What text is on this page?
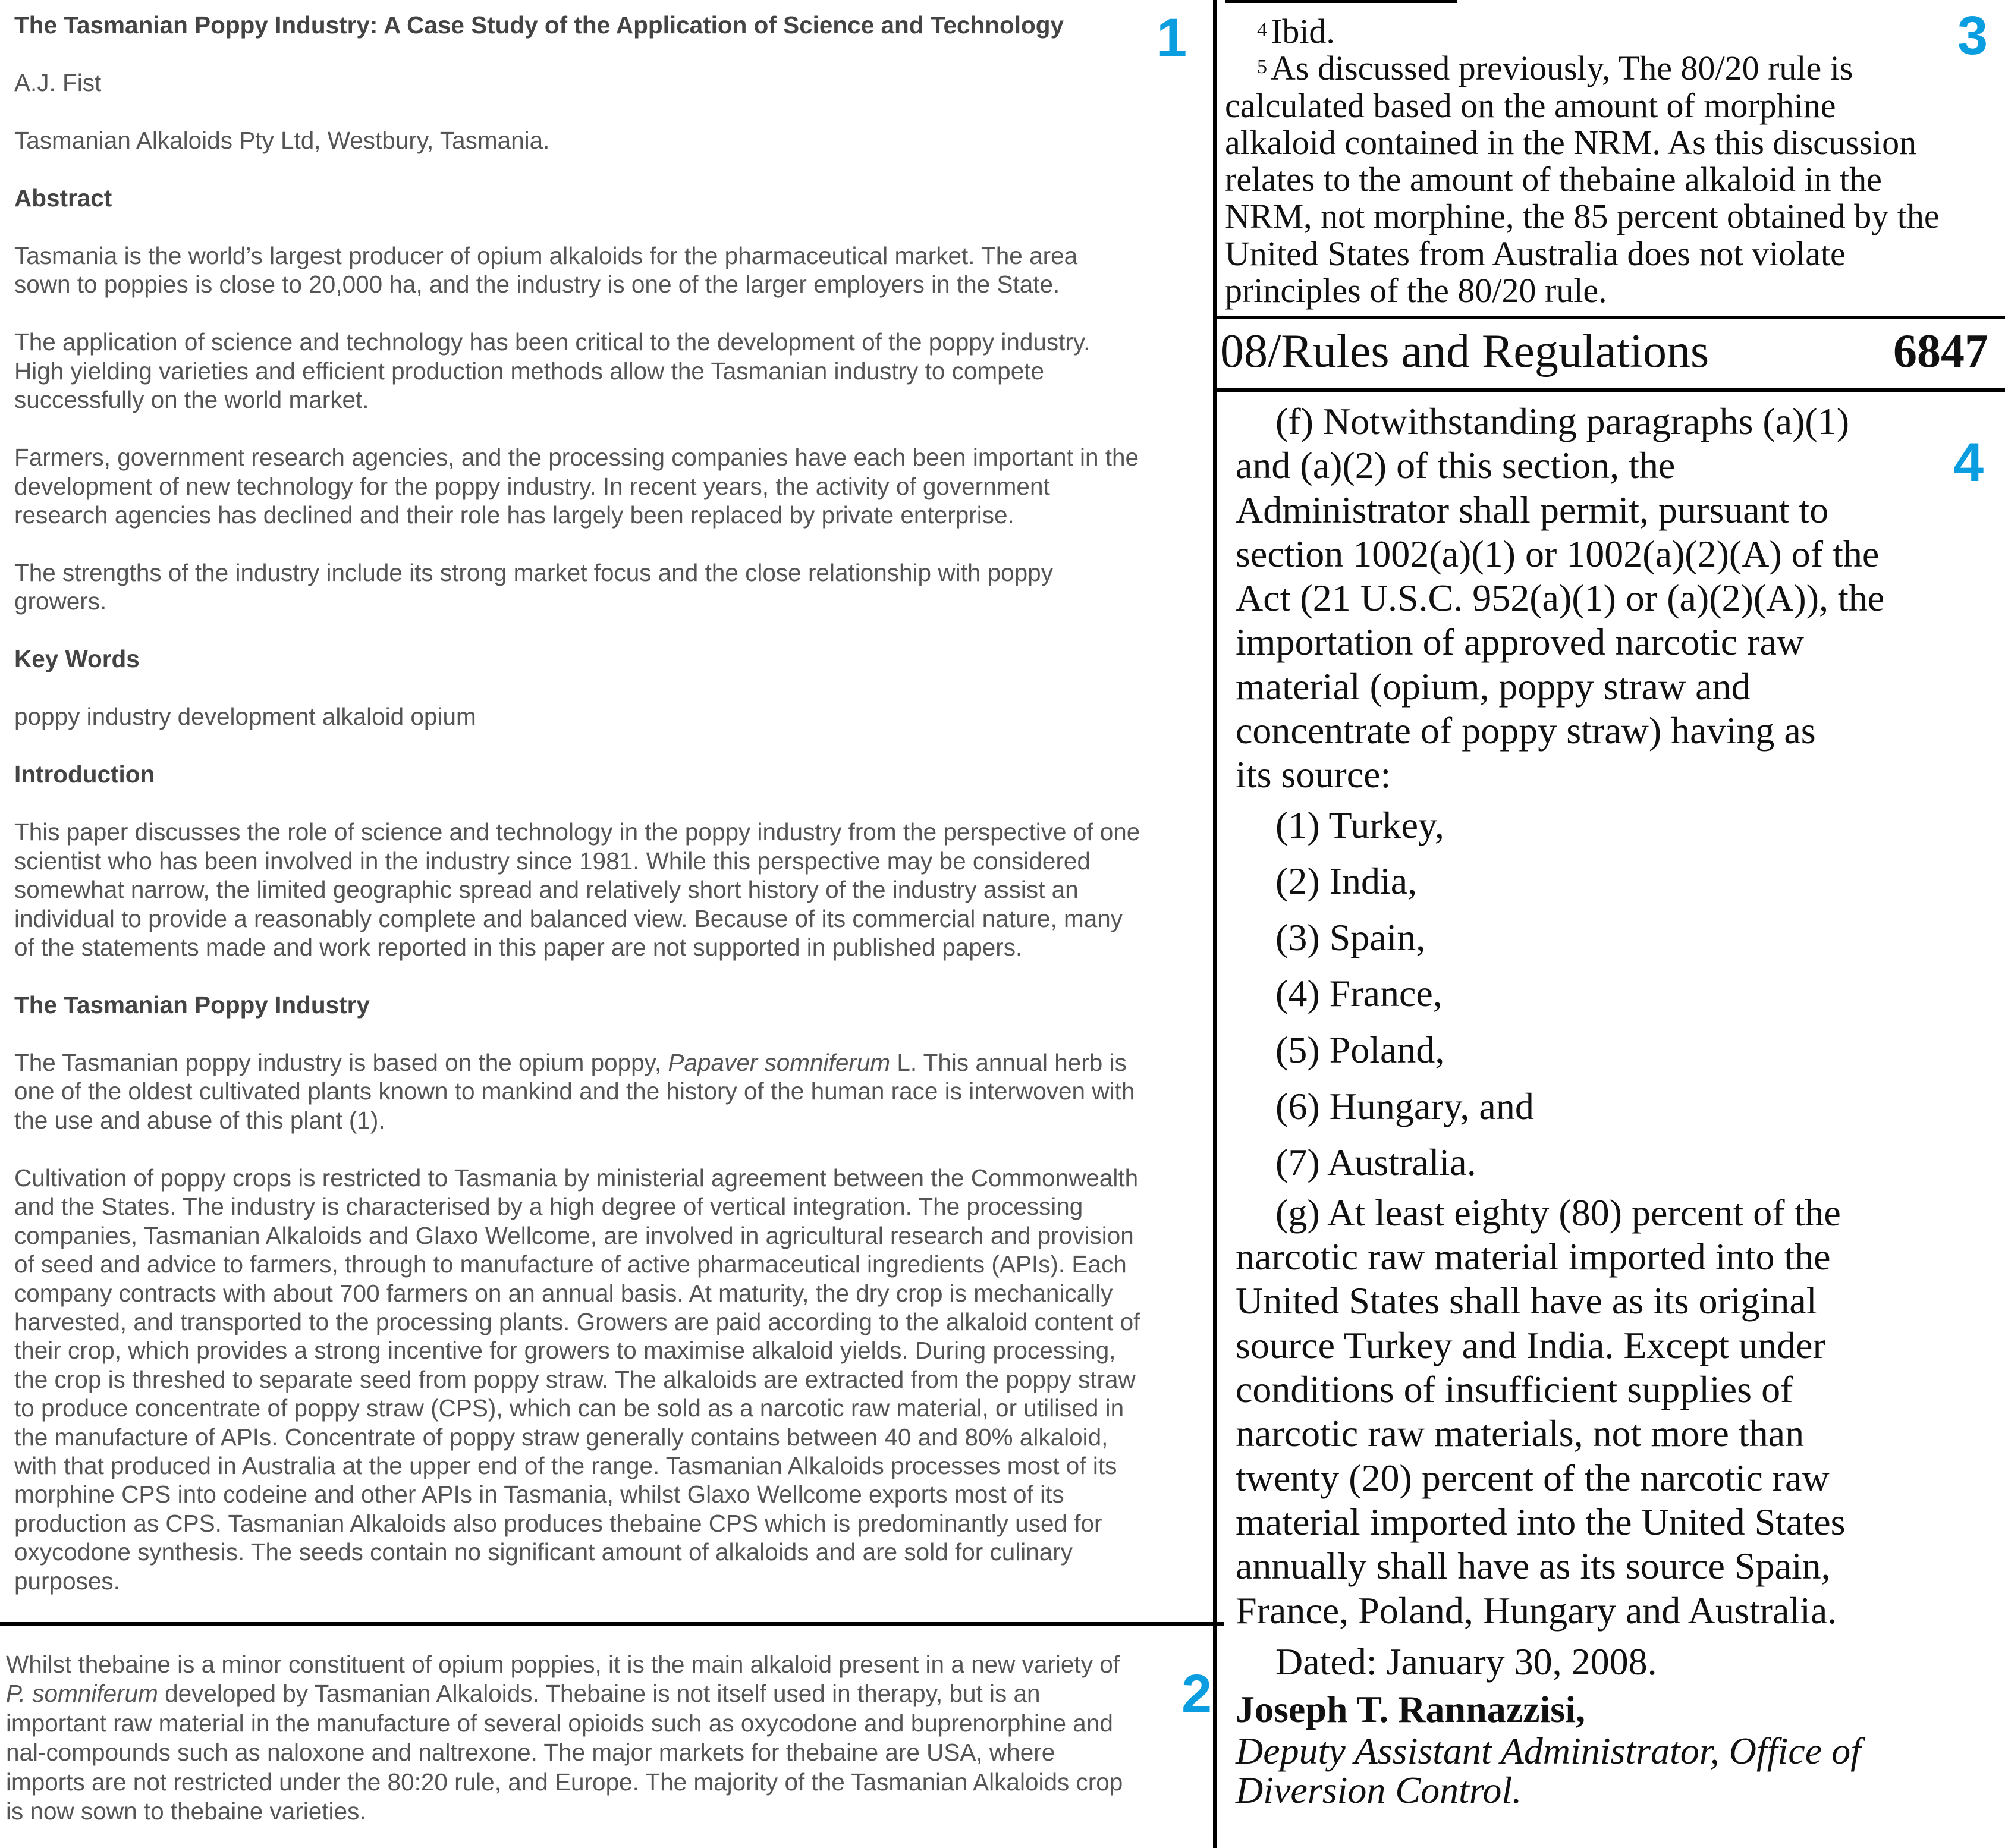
The Tasmanian Poppy Industry: A Case Study of the Application of Science and Technology
A.J. Fist
Tasmanian Alkaloids Pty Ltd, Westbury, Tasmania.
Abstract
Tasmania is the world’s largest producer of opium alkaloids for the pharmaceutical market. The area
sown to poppies is close to 20,000 ha, and the industry is one of the larger employers in the State.
The application of science and technology has been critical to the development of the poppy industry.
High yielding varieties and efficient production methods allow the Tasmanian industry to compete
successfully on the world market.
Farmers, government research agencies, and the processing companies have each been important in the
development of new technology for the poppy industry. In recent years, the activity of government
research agencies has declined and their role has largely been replaced by private enterprise.
The strengths of the industry include its strong market focus and the close relationship with poppy
growers.
Key Words
poppy industry development alkaloid opium
Introduction
This paper discusses the role of science and technology in the poppy industry from the perspective of one
scientist who has been involved in the industry since 1981. While this perspective may be considered
somewhat narrow, the limited geographic spread and relatively short history of the industry assist an
individual to provide a reasonably complete and balanced view. Because of its commercial nature, many
of the statements made and work reported in this paper are not supported in published papers.
The Tasmanian Poppy Industry
The Tasmanian poppy industry is based on the opium poppy, Papaver somniferum L. This annual herb is
one of the oldest cultivated plants known to mankind and the history of the human race is interwoven with
the use and abuse of this plant (1).
Cultivation of poppy crops is restricted to Tasmania by ministerial agreement between the Commonwealth
and the States. The industry is characterised by a high degree of vertical integration. The processing
companies, Tasmanian Alkaloids and Glaxo Wellcome, are involved in agricultural research and provision
of seed and advice to farmers, through to manufacture of active pharmaceutical ingredients (APIs). Each
company contracts with about 700 farmers on an annual basis. At maturity, the dry crop is mechanically
harvested, and transported to the processing plants. Growers are paid according to the alkaloid content of
their crop, which provides a strong incentive for growers to maximise alkaloid yields. During processing,
the crop is threshed to separate seed from poppy straw. The alkaloids are extracted from the poppy straw
to produce concentrate of poppy straw (CPS), which can be sold as a narcotic raw material, or utilised in
the manufacture of APIs. Concentrate of poppy straw generally contains between 40 and 80% alkaloid,
with that produced in Australia at the upper end of the range. Tasmanian Alkaloids processes most of its
morphine CPS into codeine and other APIs in Tasmania, whilst Glaxo Wellcome exports most of its
production as CPS. Tasmanian Alkaloids also produces thebaine CPS which is predominantly used for
oxycodone synthesis. The seeds contain no significant amount of alkaloids and are sold for culinary
purposes.
Whilst thebaine is a minor constituent of opium poppies, it is the main alkaloid present in a new variety of
P. somniferum developed by Tasmanian Alkaloids. Thebaine is not itself used in therapy, but is an
important raw material in the manufacture of several opioids such as oxycodone and buprenorphine and
nal-compounds such as naloxone and naltrexone. The major markets for thebaine are USA, where
imports are not restricted under the 80:20 rule, and Europe. The majority of the Tasmanian Alkaloids crop
is now sown to thebaine varieties.
$^4$ Ibid.
$^5$ As discussed previously, The 80/20 rule is
calculated based on the amount of morphine
alkaloid contained in the NRM. As this discussion
relates to the amount of thebaine alkaloid in the
NRM, not morphine, the 85 percent obtained by the
United States from Australia does not violate
principles of the 80/20 rule.
08/Rules and Regulations	6847
(f) Notwithstanding paragraphs (a)(1)
and (a)(2) of this section, the
Administrator shall permit, pursuant to
section 1002(a)(1) or 1002(a)(2)(A) of the
Act (21 U.S.C. 952(a)(1) or (a)(2)(A)), the
importation of approved narcotic raw
material (opium, poppy straw and
concentrate of poppy straw) having as
its source:
(1) Turkey,
(2) India,
(3) Spain,
(4) France,
(5) Poland,
(6) Hungary, and
(7) Australia.
(g) At least eighty (80) percent of the
narcotic raw material imported into the
United States shall have as its original
source Turkey and India. Except under
conditions of insufficient supplies of
narcotic raw materials, not more than
twenty (20) percent of the narcotic raw
material imported into the United States
annually shall have as its source Spain,
France, Poland, Hungary and Australia.
Dated: January 30, 2008.
Joseph T. Rannazzisi,
Deputy Assistant Administrator, Office of
Diversion Control.
1
2
3
4
